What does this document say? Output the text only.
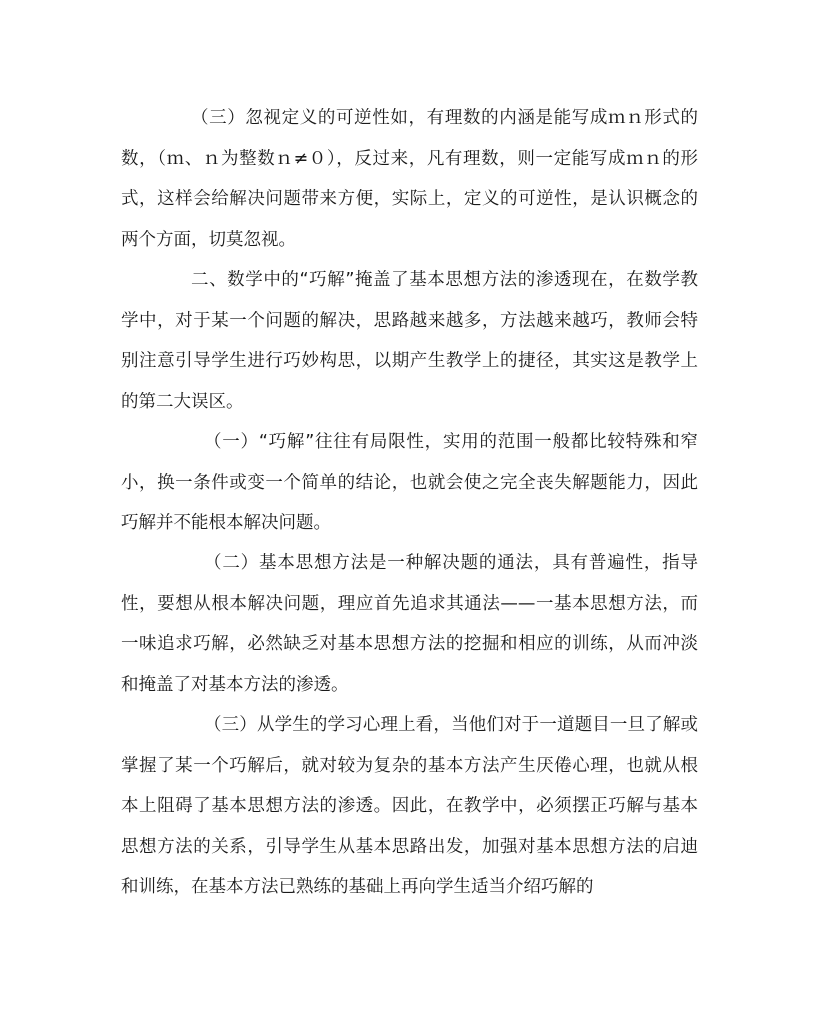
（三）忽视定义的可逆性如，有理数的内涵是能写成ｍｎ形式的数，（ｍ、ｎ为整数ｎ≠０），反过来，凡有理数，则一定能写成ｍｎ的形式，这样会给解决问题带来方便，实际上，定义的可逆性，是认识概念的两个方面，切莫忽视。

二、数学中的“巧解”掩盖了基本思想方法的渗透现在，在数学教学中，对于某一个问题的解决，思路越来越多，方法越来越巧，教师会特别注意引导学生进行巧妙构思，以期产生教学上的捷径，其实这是教学上的第二大误区。

（一）“巧解”往往有局限性，实用的范围一般都比较特殊和窄小，换一条件或变一个简单的结论，也就会使之完全丧失解题能力，因此巧解并不能根本解决问题。

（二）基本思想方法是一种解决题的通法，具有普遍性，指导性，要想从根本解决问题，理应首先追求其通法——一基本思想方法，而一味追求巧解，必然缺乏对基本思想方法的挖掘和相应的训练，从而冲淡和掩盖了对基本方法的渗透。

（三）从学生的学习心理上看，当他们对于一道题目一旦了解或掌握了某一个巧解后，就对较为复杂的基本方法产生厌倦心理，也就从根本上阻碍了基本思想方法的渗透。因此，在教学中，必须摆正巧解与基本思想方法的关系，引导学生从基本思路出发，加强对基本思想方法的启迪和训练，在基本方法已熟练的基础上再向学生适当介绍巧解的
